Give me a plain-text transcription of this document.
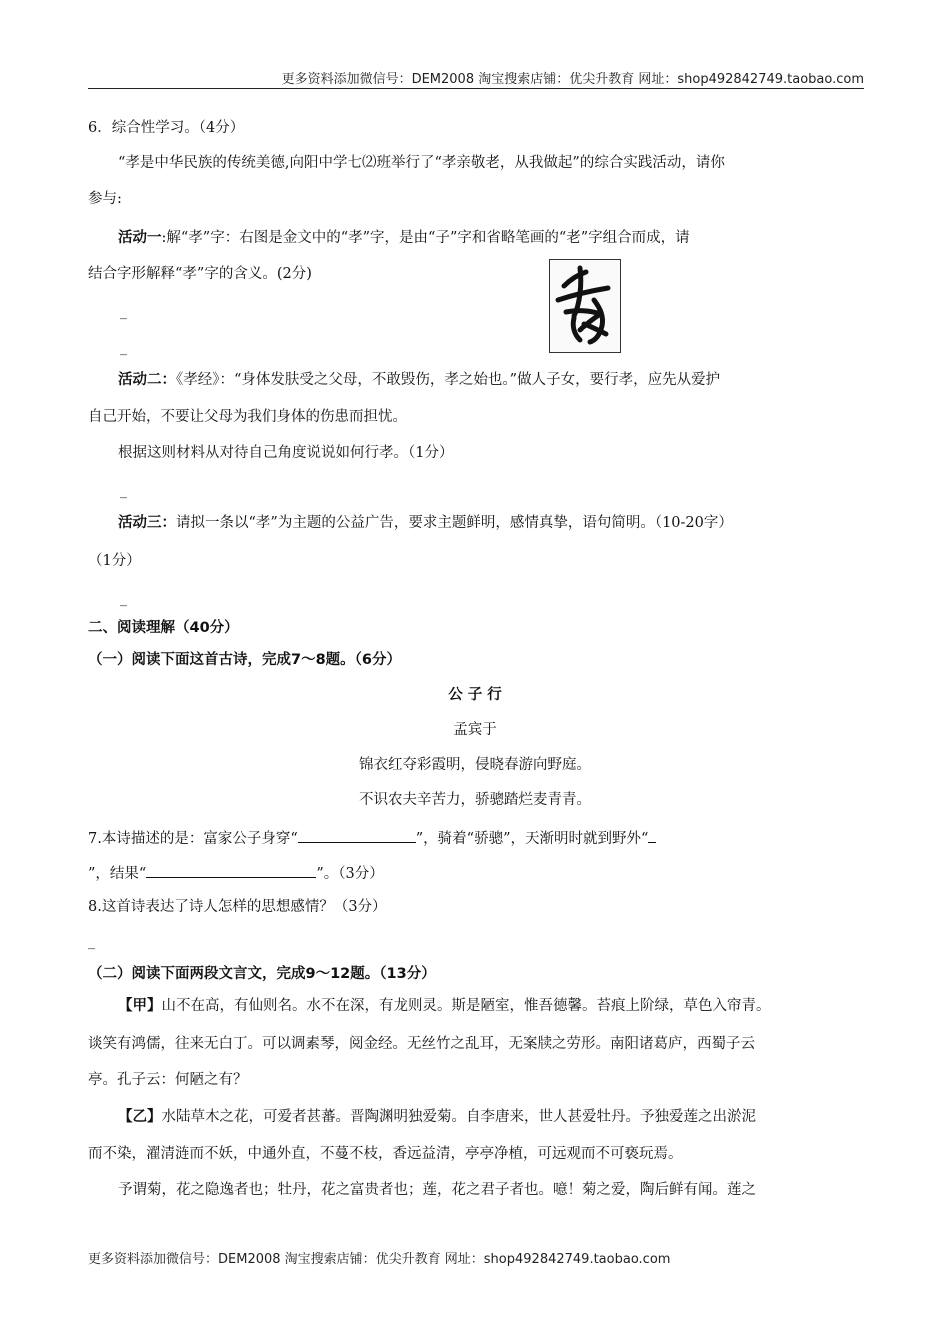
更多资料添加微信号：DEM2008 淘宝搜索店铺：优尖升教育 网址：shop492842749.taobao.com
6．综合性学习。（4分）
“孝是中华民族的传统美德,向阳中学七⑵班举行了“孝亲敬老，从我做起”的综合实践活动，请你
参与:
活动一:解“孝”字：右图是金文中的“孝”字，是由“子”字和省略笔画的“老”字组合而成，请
结合字形解释“孝”字的含义。(2分)
_
_
活动二：《孝经》：“身体发肤受之父母，不敢毁伤，孝之始也。”做人子女，要行孝，应先从爱护
自己开始，不要让父母为我们身体的伤患而担忧。
根据这则材料从对待自己角度说说如何行孝。（1分）
_
活动三：请拟一条以“孝”为主题的公益广告，要求主题鲜明，感情真挚，语句简明。（10-20字）
（1分）
_
二、阅读理解（40分）
（一）阅读下面这首古诗，完成7～8题。（6分）
公 子 行
孟宾于
锦衣红夺彩霞明，侵晓春游向野庭。
不识农夫辛苦力，骄骢踏烂麦青青。
7.本诗描述的是：富家公子身穿“	”，骑着“骄骢”，天渐明时就到野外“
”，结果“	”。（3分）
8.这首诗表达了诗人怎样的思想感情？（3分）
_
（二）阅读下面两段文言文，完成9～12题。（13分）
【甲】山不在高，有仙则名。水不在深，有龙则灵。斯是陋室，惟吾德馨。苔痕上阶绿，草色入帘青。
谈笑有鸿儒，往来无白丁。可以调素琴，阅金经。无丝竹之乱耳，无案牍之劳形。南阳诸葛庐，西蜀子云
亭。孔子云：何陋之有？
【乙】水陆草木之花，可爱者甚蕃。晋陶渊明独爱菊。自李唐来，世人甚爱牡丹。予独爱莲之出淤泥
而不染，濯清涟而不妖，中通外直，不蔓不枝，香远益清，亭亭净植，可远观而不可亵玩焉。
予谓菊，花之隐逸者也；牡丹，花之富贵者也；莲，花之君子者也。噫！菊之爱，陶后鲜有闻。莲之
更多资料添加微信号：DEM2008 淘宝搜索店铺：优尖升教育 网址：shop492842749.taobao.com
